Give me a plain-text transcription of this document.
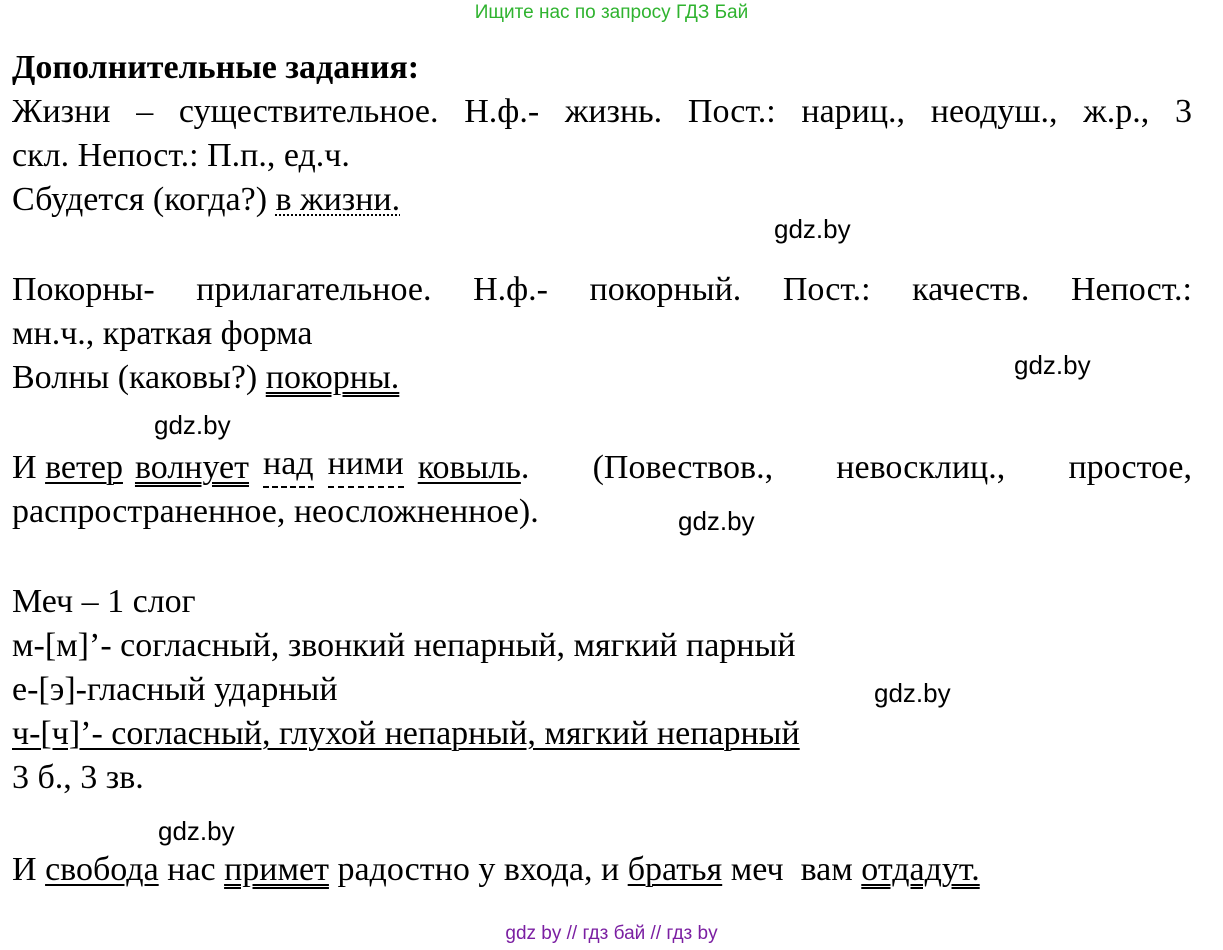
Ищите нас по запросу ГДЗ Бай
Дополнительные задания:
Жизни – существительное. Н.ф.- жизнь. Пост.: нариц., неодуш., ж.р., 3
скл. Непост.: П.п., ед.ч.
Сбудется (когда?) в жизни.
gdz.by
Покорны- прилагательное. Н.ф.- покорный. Пост.: качеств. Непост.:
мн.ч., краткая форма
Волны (каковы?) покорны.	gdz.by
gdz.by
И ветер волнует над ними ковыль . (Повествов., невосклиц., простое,
распространенное, неосложненное).	gdz.by
Меч – 1 слог
м-[м]’- согласный, звонкий непарный, мягкий парный
е-[э]-гласный ударный	gdz.by
ч-[ч]’- согласный, глухой непарный, мягкий непарный
3 б., 3 зв.
gdz.by
И свобода нас примет радостно у входа, и братья меч  вам отдадут.
gdz by // гдз бай // гдз by
